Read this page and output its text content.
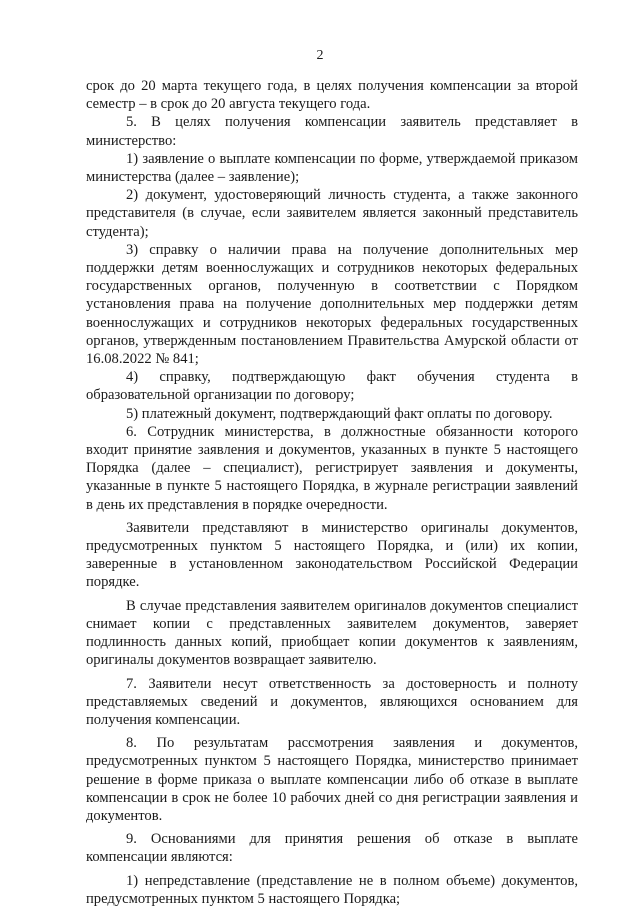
2

срок до 20 марта текущего года, в целях получения компенсации за второй семестр – в срок до 20 августа текущего года.

5. В целях получения компенсации заявитель представляет в министерство:

1) заявление о выплате компенсации по форме, утверждаемой приказом министерства (далее – заявление);

2) документ, удостоверяющий личность студента, а также законного представителя (в случае, если заявителем является законный представитель студента);

3) справку о наличии права на получение дополнительных мер поддержки детям военнослужащих и сотрудников некоторых федеральных государственных органов, полученную в соответствии с Порядком установления права на получение дополнительных мер поддержки детям военнослужащих и сотрудников некоторых федеральных государственных органов, утвержденным постановлением Правительства Амурской области от 16.08.2022 № 841;

4) справку, подтверждающую факт обучения студента в образовательной организации по договору;

5) платежный документ, подтверждающий факт оплаты по договору.

6. Сотрудник министерства, в должностные обязанности которого входит принятие заявления и документов, указанных в пункте 5 настоящего Порядка (далее – специалист), регистрирует заявления и документы, указанные в пункте 5 настоящего Порядка, в журнале регистрации заявлений в день их представления в порядке очередности.

Заявители представляют в министерство оригиналы документов, предусмотренных пунктом 5 настоящего Порядка, и (или) их копии, заверенные в установленном законодательством Российской Федерации порядке.

В случае представления заявителем оригиналов документов специалист снимает копии с представленных заявителем документов, заверяет подлинность данных копий, приобщает копии документов к заявлениям, оригиналы документов возвращает заявителю.

7. Заявители несут ответственность за достоверность и полноту представляемых сведений и документов, являющихся основанием для получения компенсации.

8. По результатам рассмотрения заявления и документов, предусмотренных пунктом 5 настоящего Порядка, министерство принимает решение в форме приказа о выплате компенсации либо об отказе в выплате компенсации в срок не более 10 рабочих дней со дня регистрации заявления и документов.

9. Основаниями для принятия решения об отказе в выплате компенсации являются:

1) непредставление (представление не в полном объеме) документов, предусмотренных пунктом 5 настоящего Порядка;
